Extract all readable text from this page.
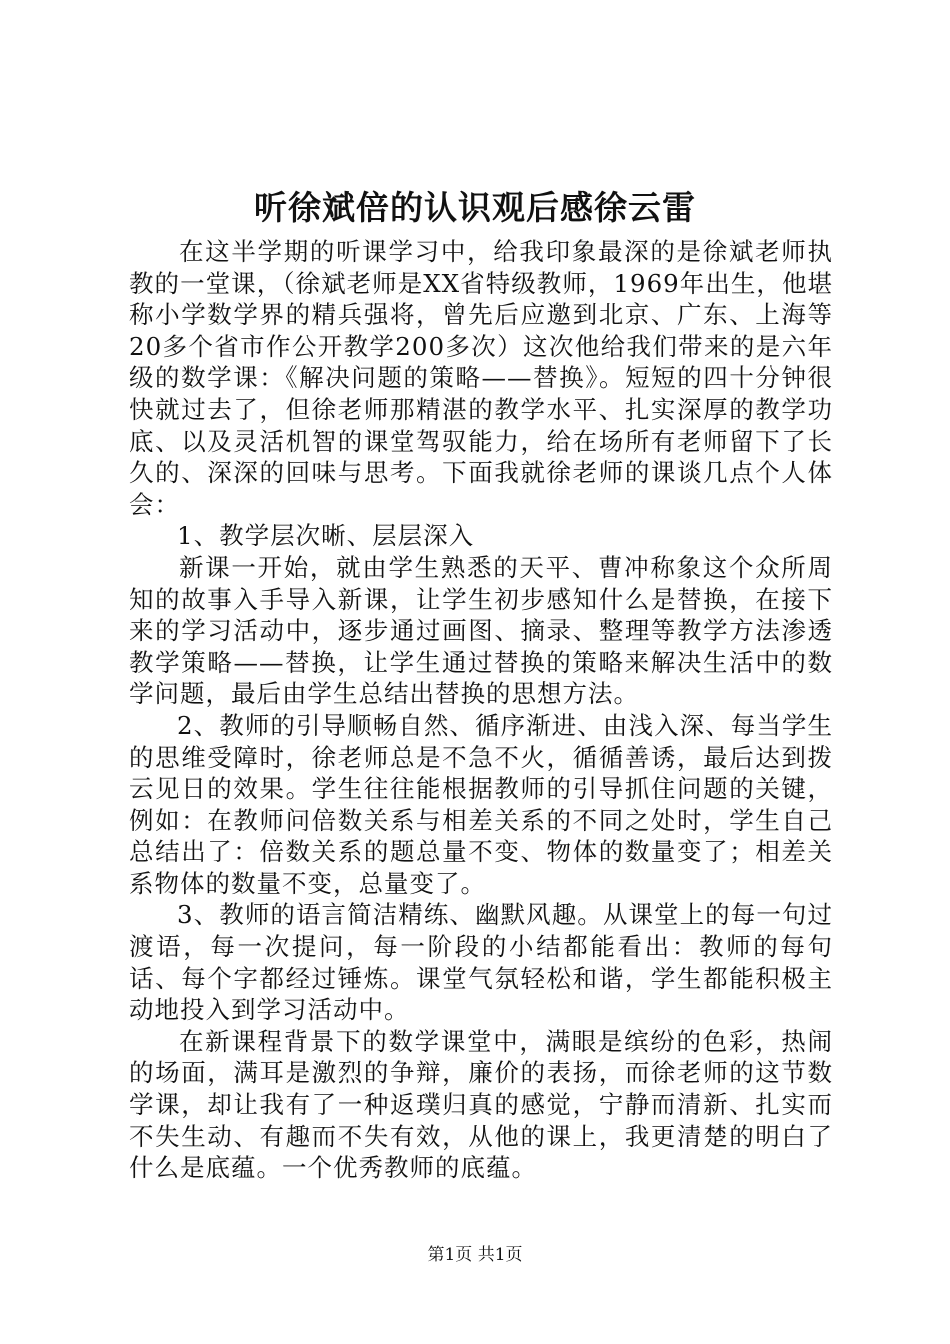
听徐斌倍的认识观后感徐云雷

在这半学期的听课学习中，给我印象最深的是徐斌老师执教的一堂课，（徐斌老师是XX省特级教师，1969年出生，他堪称小学数学界的精兵强将，曾先后应邀到北京、广东、上海等20多个省市作公开教学200多次）这次他给我们带来的是六年级的数学课：《解决问题的策略——替换》。短短的四十分钟很快就过去了，但徐老师那精湛的教学水平、扎实深厚的教学功底、以及灵活机智的课堂驾驭能力，给在场所有老师留下了长久的、深深的回味与思考。下面我就徐老师的课谈几点个人体会：

1、教学层次晰、层层深入

新课一开始，就由学生熟悉的天平、曹冲称象这个众所周知的故事入手导入新课，让学生初步感知什么是替换，在接下来的学习活动中，逐步通过画图、摘录、整理等教学方法渗透教学策略——替换，让学生通过替换的策略来解决生活中的数学问题，最后由学生总结出替换的思想方法。

2、教师的引导顺畅自然、循序渐进、由浅入深、每当学生的思维受障时，徐老师总是不急不火，循循善诱，最后达到拨云见日的效果。学生往往能根据教师的引导抓住问题的关键，例如：在教师问倍数关系与相差关系的不同之处时，学生自己总结出了：倍数关系的题总量不变、物体的数量变了；相差关系物体的数量不变，总量变了。

3、教师的语言简洁精练、幽默风趣。从课堂上的每一句过渡语，每一次提问，每一阶段的小结都能看出：教师的每句话、每个字都经过锤炼。课堂气氛轻松和谐，学生都能积极主动地投入到学习活动中。

在新课程背景下的数学课堂中，满眼是缤纷的色彩，热闹的场面，满耳是激烈的争辩，廉价的表扬，而徐老师的这节数学课，却让我有了一种返璞归真的感觉，宁静而清新、扎实而不失生动、有趣而不失有效，从他的课上，我更清楚的明白了什么是底蕴。一个优秀教师的底蕴。

第1页 共1页
